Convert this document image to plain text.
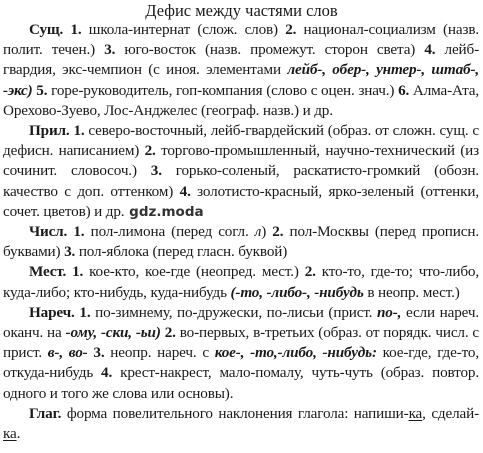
Дефис между частями слов

Сущ. 1. школа-интернат (слож. слов) 2. национал-социализм (назв. полит. течен.) 3. юго-восток (назв. промежут. сторон света) 4. лейб-гвардия, экс-чемпион (с иноя. элементами лейб-, обер-, унтер-, штаб-, -экс) 5. горе-руководитель, гоп-компания (слово с оцен. знач.) 6. Алма-Ата, Орехово-Зуево, Лос-Анджелес (географ. назв.) и др.

Прил. 1. северо-восточный, лейб-гвардейский (образ. от сложн. сущ. с дефисн. написанием) 2. торгово-промышленный, научно-технический (из сочинит. словосоч.) 3. горько-соленый, раскатисто-громкий (обозн. качество с доп. оттенком) 4. золотисто-красный, ярко-зеленый (оттенки, сочет. цветов) и др. gdz.moda

Числ. 1. пол-лимона (перед согл. л) 2. пол-Москвы (перед прописн. буквами) 3. пол-яблока (перед гласн. буквой)

Мест. 1. кое-кто, кое-где (неопред. мест.) 2. кто-то, где-то; что-либо, куда-либо; кто-нибудь, куда-нибудь (-то, -либо-, -нибудь в неопр. мест.)

Нареч. 1. по-зимнему, по-дружески, по-лисьи (прист. по-, если нареч. оканч. на -ому, -ски, -ьи) 2. во-первых, в-третьих (образ. от порядк. числ. с прист. в-, во- 3. неопр. нареч. с кое-, -то,-либо, -нибудь: кое-где, где-то, откуда-нибудь 4. крест-накрест, мало-помалу, чуть-чуть (образ. повтор. одного и того же слова или основы).

Глаг. форма повелительного наклонения глагола: напиши-ка, сделай-ка.
